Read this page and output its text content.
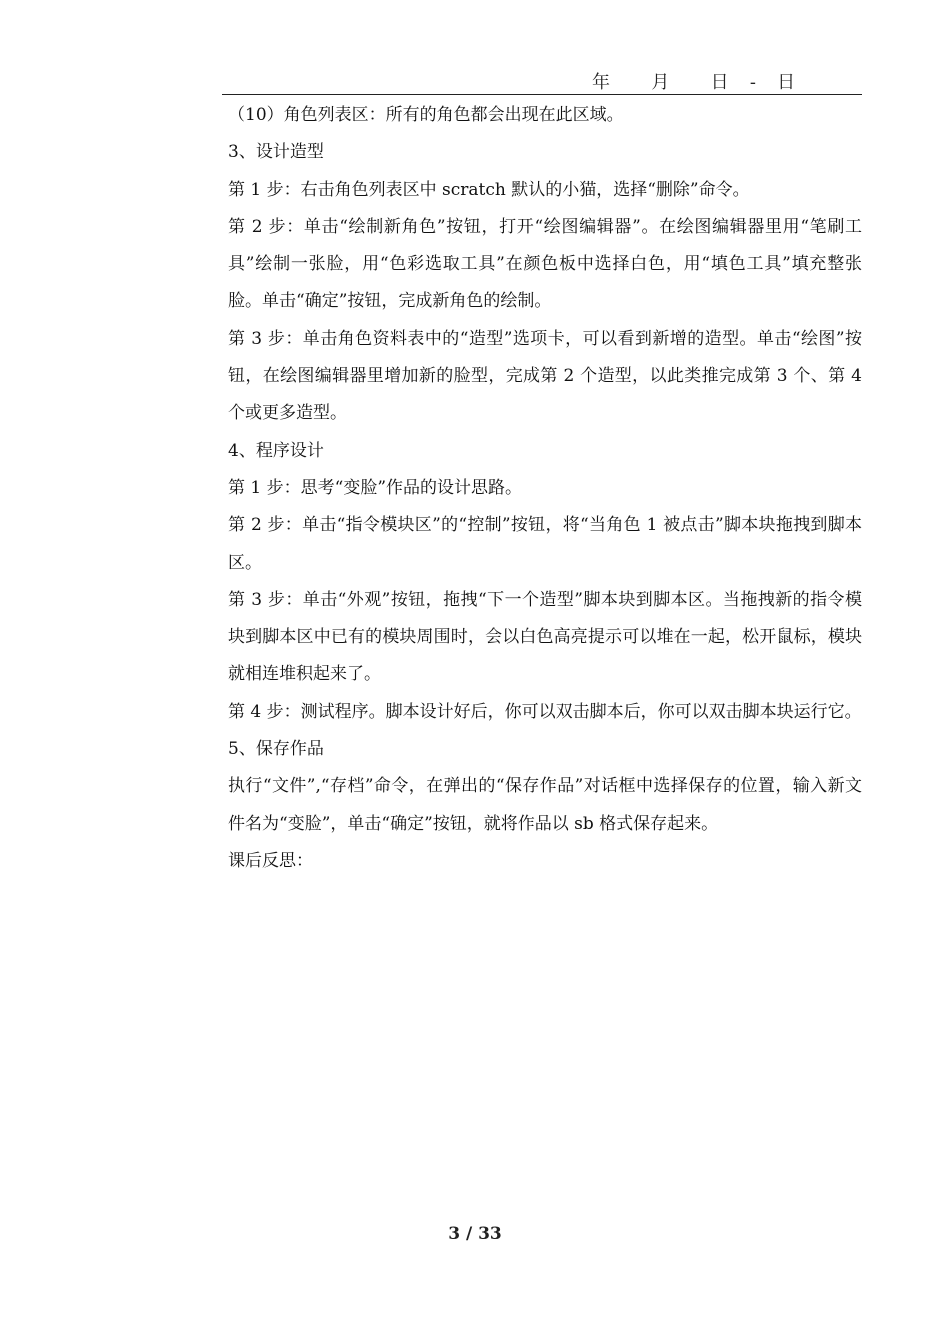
年      月      日   -   日

（10）角色列表区：所有的角色都会出现在此区域。

3、设计造型

第 1 步：右击角色列表区中 scratch 默认的小猫，选择“删除”命令。

第 2 步：单击“绘制新角色”按钮，打开“绘图编辑器”。在绘图编辑器里用“笔刷工具”绘制一张脸，用“色彩选取工具”在颜色板中选择白色，用“填色工具”填充整张脸。单击“确定”按钮，完成新角色的绘制。

第 3 步：单击角色资料表中的“造型”选项卡，可以看到新增的造型。单击“绘图”按钮，在绘图编辑器里增加新的脸型，完成第 2 个造型，以此类推完成第 3 个、第 4 个或更多造型。

4、程序设计

第 1 步：思考“变脸”作品的设计思路。

第 2 步：单击“指令模块区”的“控制”按钮，将“当角色 1 被点击”脚本块拖拽到脚本区。

第 3 步：单击“外观”按钮，拖拽“下一个造型”脚本块到脚本区。当拖拽新的指令模块到脚本区中已有的模块周围时，会以白色高亮提示可以堆在一起，松开鼠标，模块就相连堆积起来了。

第 4 步：测试程序。脚本设计好后，你可以双击脚本后，你可以双击脚本块运行它。

5、保存作品

执行“文件”,“存档”命令，在弹出的“保存作品”对话框中选择保存的位置，输入新文件名为“变脸”，单击“确定”按钮，就将作品以 sb 格式保存起来。

课后反思：

3 / 33
